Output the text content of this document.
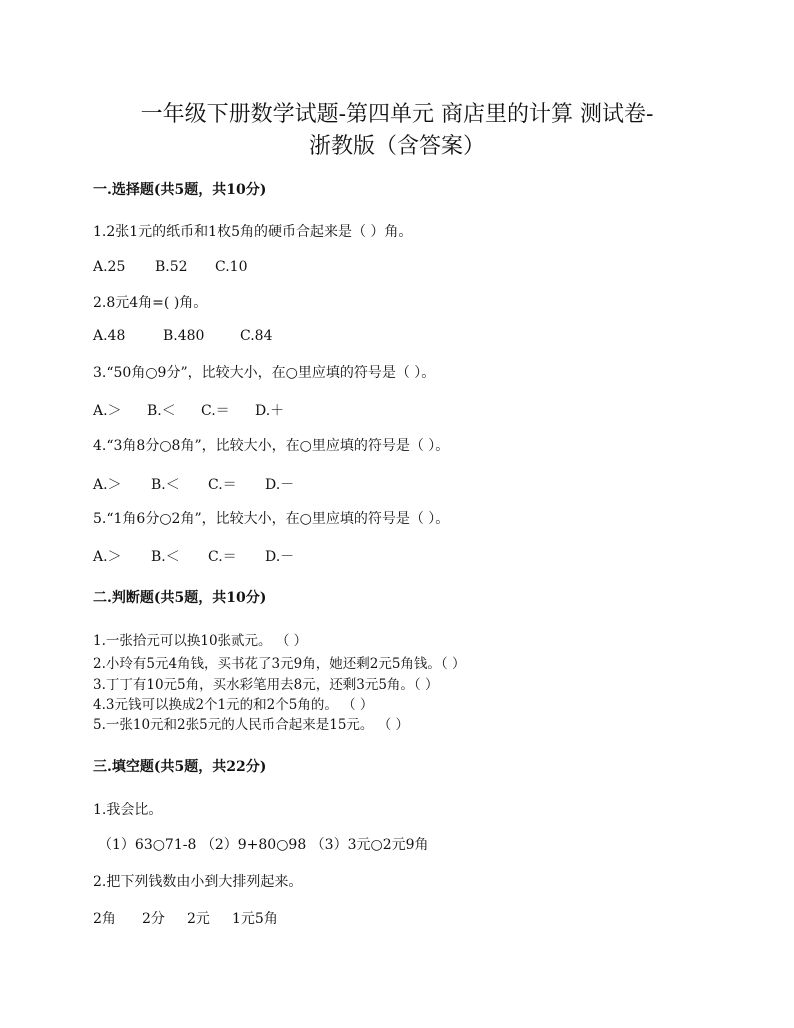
一年级下册数学试题-第四单元 商店里的计算 测试卷-
浙教版（含答案）
一.选择题(共5题，共10分)
1.2张1元的纸币和1枚5角的硬币合起来是（ ）角。
A.25 B.52 C.10
2.8元4角=( )角。
A.48	B.480	C.84
3.“50角○9分”，比较大小，在○里应填的符号是（ ）。
A.＞ B.＜ C.＝ D.＋
4.“3角8分○8角”，比较大小，在○里应填的符号是（ ）。
A.＞ B.＜ C.＝ D.－
5.“1角6分○2角”，比较大小，在○里应填的符号是（ ）。
A.＞ B.＜ C.＝ D.－
二.判断题(共5题，共10分)
1.一张拾元可以换10张贰元。 （ ）
2.小玲有5元4角钱，买书花了3元9角，她还剩2元5角钱。（ ）
3.丁丁有10元5角，买水彩笔用去8元，还剩3元5角。（ ）
4.3元钱可以换成2个1元的和2个5角的。 （ ）
5.一张10元和2张5元的人民币合起来是15元。 （ ）
三.填空题(共5题，共22分)
1.我会比。
（1）63○71-8 （2）9+80○98 （3）3元○2元9角
2.把下列钱数由小到大排列起来。
2角 2分 2元 1元5角
